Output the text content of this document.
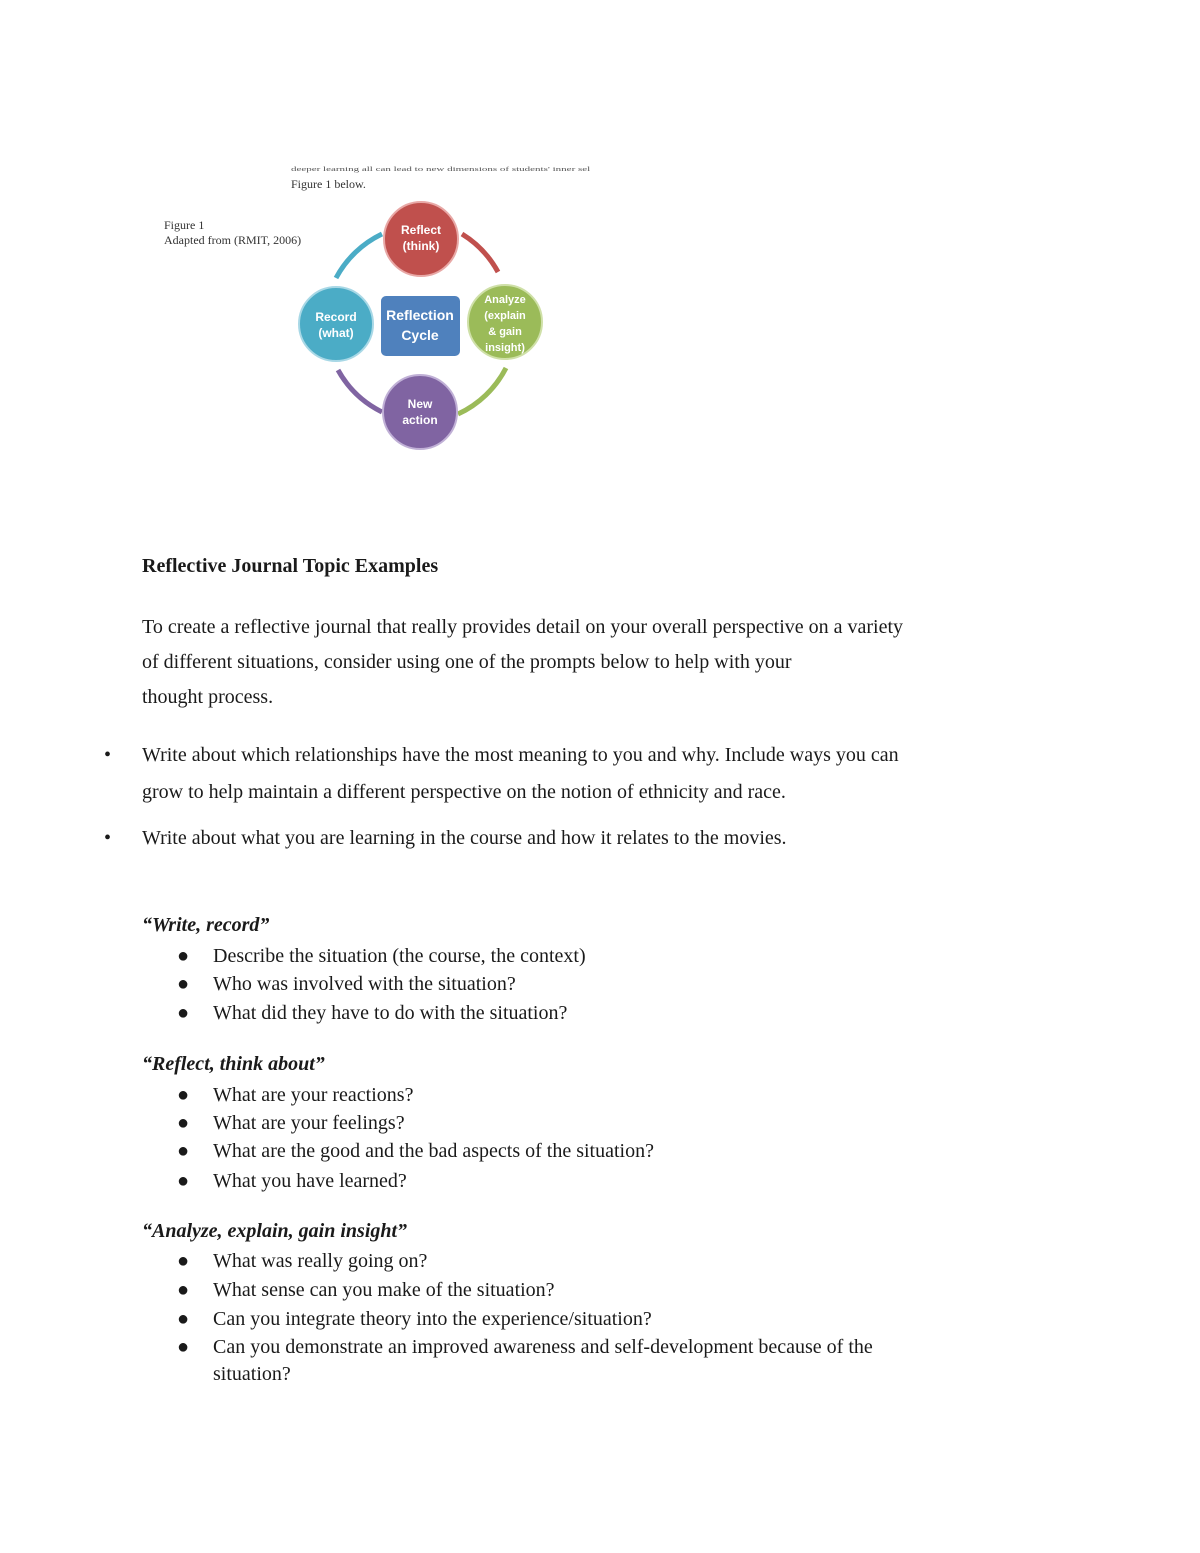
deeper learning all can lead to new dimensions of students' inner sel
Figure 1 below.
Figure 1
Adapted from (RMIT, 2006)
Reflect
(think)
Analyze
(explain
& gain
insight)
New
action
Record
(what)
Reflection
Cycle
Reflective Journal Topic Examples
To create a reflective journal that really provides detail on your overall perspective on a variety
of different situations, consider using one of the prompts below to help with your
thought process.
• Write about which relationships have the most meaning to you and why. Include ways you can
grow to help maintain a different perspective on the notion of ethnicity and race.
• Write about what you are learning in the course and how it relates to the movies.
“Write, record”
● Describe the situation (the course, the context)
● Who was involved with the situation?
● What did they have to do with the situation?
“Reflect, think about”
● What are your reactions?
● What are your feelings?
● What are the good and the bad aspects of the situation?
● What you have learned?
“Analyze, explain, gain insight”
● What was really going on?
● What sense can you make of the situation?
● Can you integrate theory into the experience/situation?
● Can you demonstrate an improved awareness and self-development because of the
situation?
